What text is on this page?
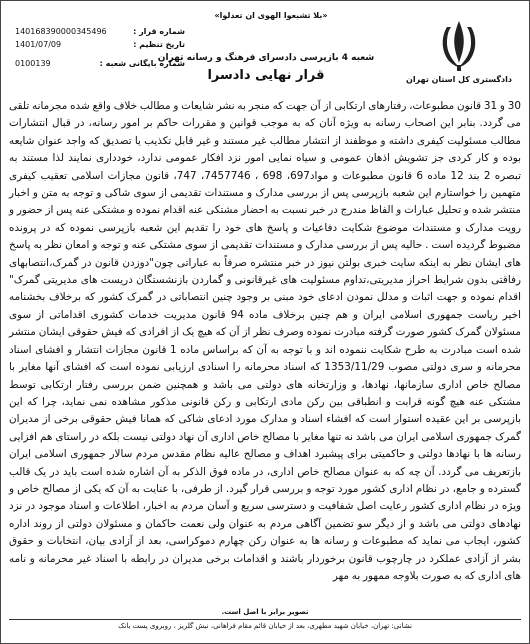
شماره قرار :
140168390000345496
تاریخ تنظیم :
1401/07/09
شماره بایگانی شعبه :
0100139
«بلا تشبعوا الهوى ان تعدلوا»
دادگستری کل استان تهران
شعبه 4 بازپرسی دادسرای فرهنگ و رسانه تهران
قرار نهایی دادسرا
30 و 31 قانون مطبوعات، رفتارهای ارتکابی از آن جهت که منجر به نشر شایعات و مطالب خلاف واقع شده مجرمانه تلقی می گردد. بنابر این اصحاب رسانه به ویژه آنان که به موجب قوانین و مقررات حاکم بر امور رسانه، در قبال انتشارات مطالب مسئولیت کیفری داشته و موظفند از انتشار مطالب غیر مستند و غیر قابل تکذیب یا تصدیق که واجد عنوان شایعه بوده و کار کردی جز تشویش اذهان عمومی و سیاه نمایی امور نزد افکار عمومی ندارد، خودداری نمایند لذا مستند به تبصره 2 بند 12 ماده 6 قانون مطبوعات و مواد697، 698 ، 7457746، 747، قانون مجازات اسلامی تعقیب کیفری متهمین را خواستارم این شعبه بازپرسی پس از بررسی مدارک و مستندات تقدیمی از سوی شاکی و توجه به متن و اخبار منتشر شده و تحلیل عبارات و الفاظ مندرج در خبر نسبت به احضار مشتکی عنه اقدام نموده و مشتکی عنه پس از حضور و رویت مدارک و مستندات موضوع شکایت دفاعیات و پاسخ های خود را تقدیم این شعبه بازپرسی نموده که در پرونده مضبوط گردیده است . حالیه پس از بررسی مدارک و مستندات تقدیمی از سوی مشتکی عنه و توجه و امعان نظر به پاسخ های ایشان نظر به اینکه سایت خبری بولتن نیوز در خبر منتشره صرفاً به عباراتی چون"دوزدن قانون در گمرک،انتصابهای رفاقتی بدون شرایط احراز مدیریتی،تداوم مسئولیت های غیرقانونی و گماردن بازنشستگان دریست های مدیریتی گمرک" اقدام نموده و جهت اثبات و مدلل نمودن ادعای خود مبنی بر وجود چنین انتصاباتی در گمرک کشور که برخلاف بخشنامه اخیر ریاست جمهوری اسلامی ایران و هم چنین برخلاف ماده 94 قانون مدیریت خدمات کشوری اقداماتی از سوی مسئولان گمرک کشور صورت گرفته مبادرت نموده وصرف نظر از آن که هیچ یک از افرادی که فیش حقوقی ایشان منتشر شده است مبادرت به طرح شکایت ننموده اند و با توجه به آن که براساس ماده 1 قانون مجازات انتشار و افشای اسناد محرمانه و سری دولتی مصوب 1353/11/29 که اسناد محرمانه را اسنادی ارزیابی نموده است که افشای آنها مغایر با مصالح خاص اداری سازمانها، نهادها، و وزارتخانه های دولتی می باشد و همچنین ضمن بررسی رفتار ارتکابی توسط مشتکی عنه هیچ گونه قرابت و انطباقی بین رکن مادی ارتکابی و رکن قانونی مذکور مشاهده نمی نماید، چرا که این بازپرسی بر این عقیده استوار است که افشاء اسناد و مدارک مورد ادعای شاکی که همانا فیش حقوقی برخی از مدیران گمرک جمهوری اسلامی ایران می باشد نه تنها مغایر با مصالح خاص اداری آن نهاد دولتی نیست بلکه در راستای هم افزایی رسانه ها با نهادها دولتی و حاکمیتی برای پیشبرد اهداف و مصالح عالیه نظام مقدس مردم سالار جمهوری اسلامی ایران بازتعریف می گردد. آن چه که به عنوان مصالح خاص اداری، در ماده فوق الذکر به آن اشاره شده است باید در یک قالب گسترده و جامع، در نظام اداری کشور مورد توجه و بررسی قرار گیرد. از طرفی، با عنایت به آن که یکی از مصالح خاص و ویژه در نظام اداری کشور رعایت اصل شفافیت و دسترسی سریع و آسان مردم به اخبار، اطلاعات و اسناد موجود در نزد نهادهای دولتی می باشد و از دیگر سو تضمین آگاهی مردم به عنوان ولی نعمت حاکمان و مسئولان دولتی از روند اداره کشور، ایجاب می نماید که مطبوعات و رسانه ها به عنوان رکن چهارم دموکراسی، بعد از آزادی بیان، انتخابات و حقوق بشر از آزادی عملکرد در چارچوب قانون برخوردار باشند و اقدامات برخی مدیران در رابطه با اسناد غیر محرمانه و نامه های اداری که به صورت بلاوجه ممهور به مهر
تصویر برابر با اصل است.
نشانی: تهران، خیابان شهید مطهری، بعد از خیابان قائم مقام فراهانی، نبش گلریز ، روبروی پست بانک
